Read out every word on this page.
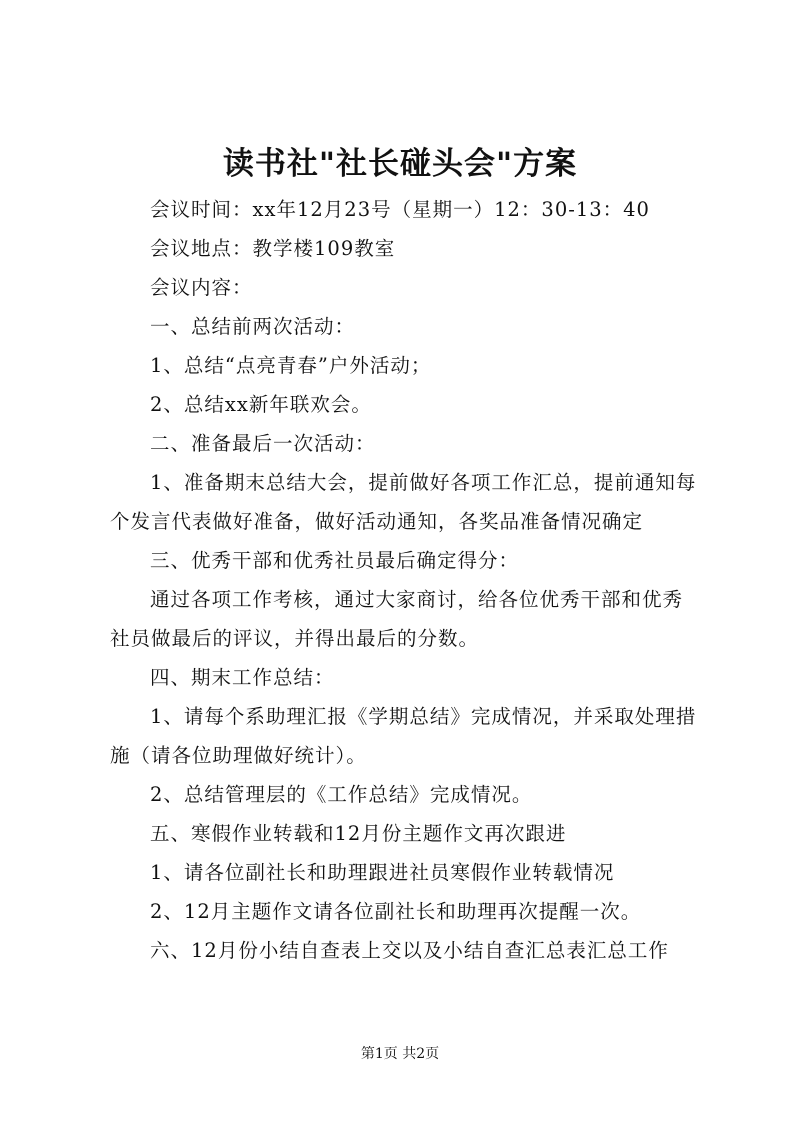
读书社"社长碰头会"方案

会议时间：xx年12月23号（星期一）12：30-13：40

会议地点：教学楼109教室

会议内容：

一、总结前两次活动：

1、总结“点亮青春”户外活动；

2、总结xx新年联欢会。

二、准备最后一次活动：

1、准备期末总结大会，提前做好各项工作汇总，提前通知每个发言代表做好准备，做好活动通知，各奖品准备情况确定

三、优秀干部和优秀社员最后确定得分：

通过各项工作考核，通过大家商讨，给各位优秀干部和优秀社员做最后的评议，并得出最后的分数。

四、期末工作总结：

1、请每个系助理汇报《学期总结》完成情况，并采取处理措施（请各位助理做好统计）。

2、总结管理层的《工作总结》完成情况。

五、寒假作业转载和12月份主题作文再次跟进

1、请各位副社长和助理跟进社员寒假作业转载情况

2、12月主题作文请各位副社长和助理再次提醒一次。

六、12月份小结自查表上交以及小结自查汇总表汇总工作

第1页 共2页
